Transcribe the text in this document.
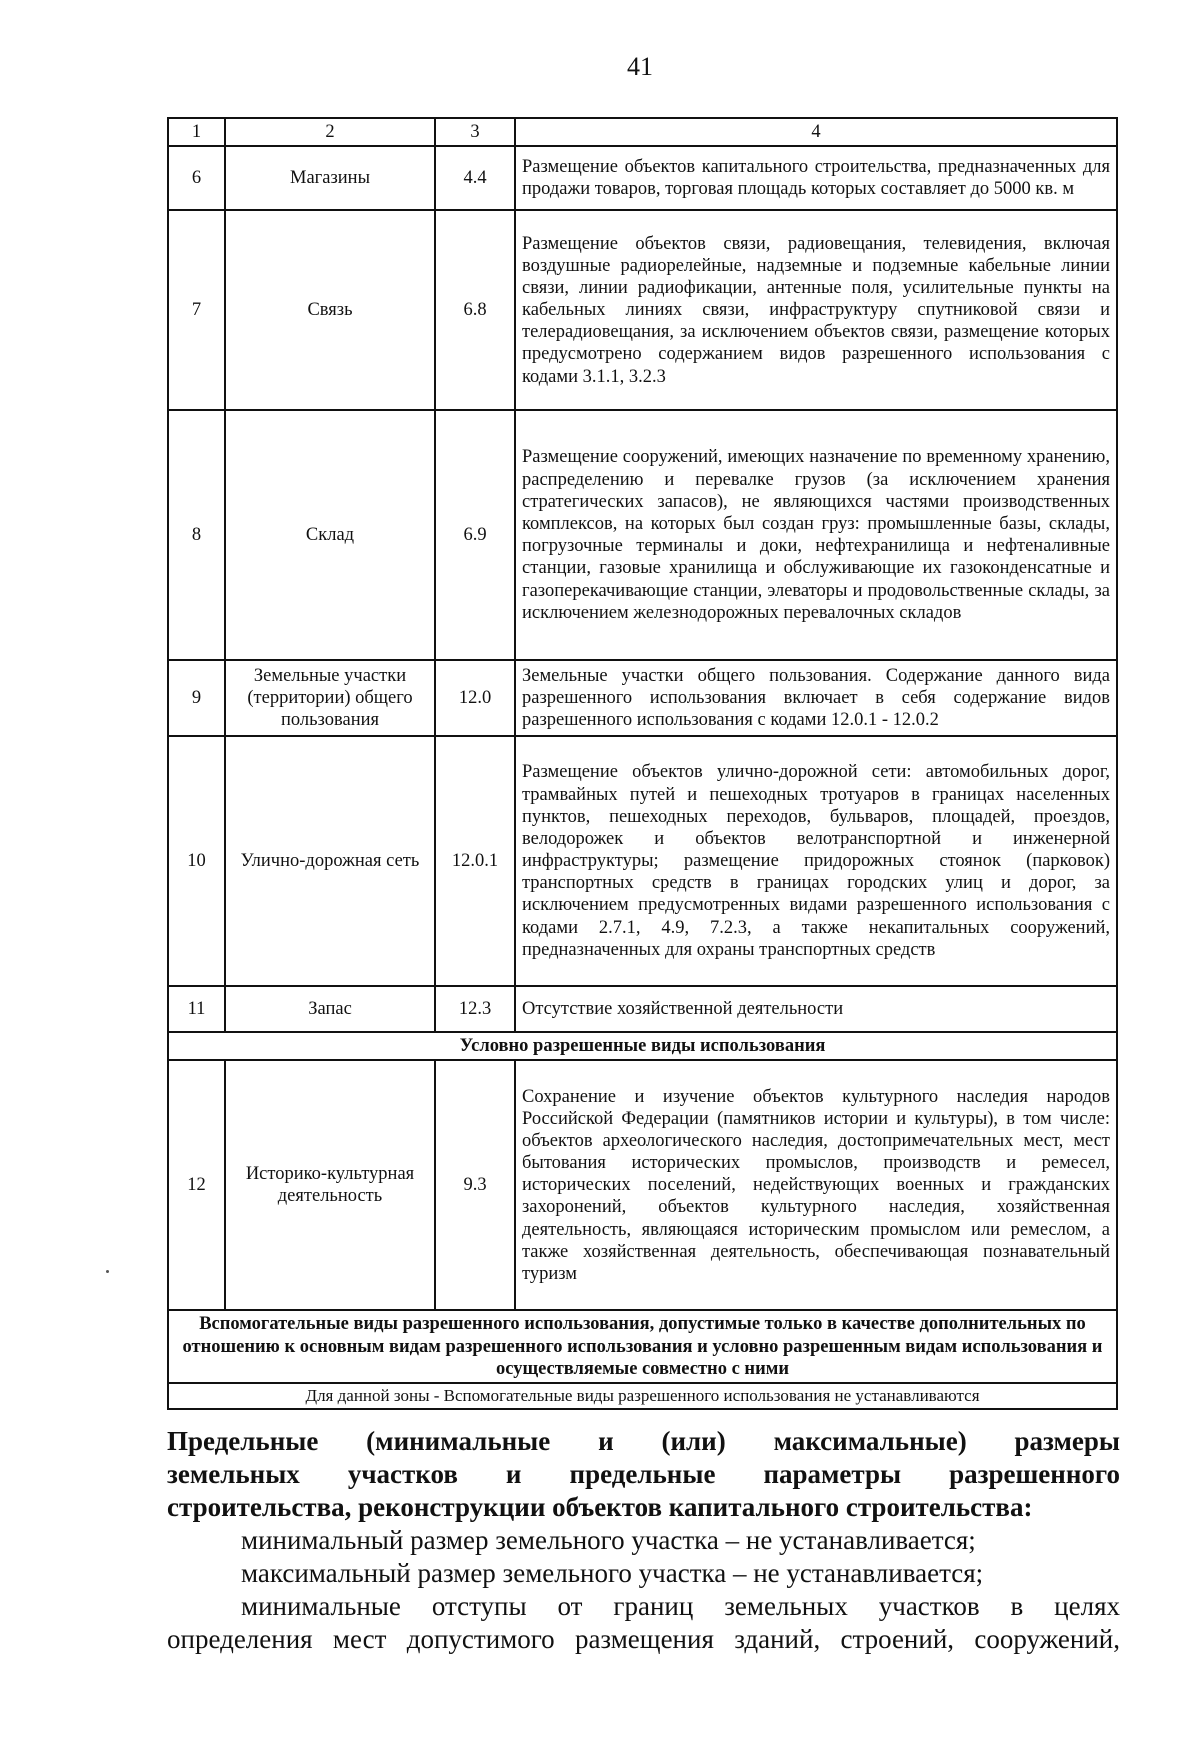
41
1	2	3	4
6	Магазины	4.4	Размещение объектов капитального строительства, предназначенных для продажи товаров, торговая площадь которых составляет до 5000 кв. м
7	Связь	6.8	Размещение объектов связи, радиовещания, телевидения, включая воздушные радиорелейные, надземные и подземные кабельные линии связи, линии радиофикации, антенные поля, усилительные пункты на кабельных линиях связи, инфраструктуру спутниковой связи и телерадиовещания, за исключением объектов связи, размещение которых предусмотрено содержанием видов разрешенного использования с кодами 3.1.1, 3.2.3
8	Склад	6.9	Размещение сооружений, имеющих назначение по временному хранению, распределению и перевалке грузов (за исключением хранения стратегических запасов), не являющихся частями производственных комплексов, на которых был создан груз: промышленные базы, склады, погрузочные терминалы и доки, нефтехранилища и нефтеналивные станции, газовые хранилища и обслуживающие их газоконденсатные и газоперекачивающие станции, элеваторы и продовольственные склады, за исключением железнодорожных перевалочных складов
9	Земельные участки (территории) общего пользования	12.0	Земельные участки общего пользования. Содержание данного вида разрешенного использования включает в себя содержание видов разрешенного использования с кодами 12.0.1 - 12.0.2
10	Улично-дорожная сеть	12.0.1	Размещение объектов улично-дорожной сети: автомобильных дорог, трамвайных путей и пешеходных тротуаров в границах населенных пунктов, пешеходных переходов, бульваров, площадей, проездов, велодорожек и объектов велотранспортной и инженерной инфраструктуры; размещение придорожных стоянок (парковок) транспортных средств в границах городских улиц и дорог, за исключением предусмотренных видами разрешенного использования с кодами 2.7.1, 4.9, 7.2.3, а также некапитальных сооружений, предназначенных для охраны транспортных средств
11	Запас	12.3	Отсутствие хозяйственной деятельности
Условно разрешенные виды использования			
12	Историко-культурная деятельность	9.3	Сохранение и изучение объектов культурного наследия народов Российской Федерации (памятников истории и культуры), в том числе: объектов археологического наследия, достопримечательных мест, мест бытования исторических промыслов, производств и ремесел, исторических поселений, недействующих военных и гражданских захоронений, объектов культурного наследия, хозяйственная деятельность, являющаяся историческим промыслом или ремеслом, а также хозяйственная деятельность, обеспечивающая познавательный туризм
Вспомогательные виды разрешенного использования, допустимые только в качестве дополнительных по отношению к основным видам разрешенного использования и условно разрешенным видам использования и осуществляемые совместно с ними			
Для данной зоны - Вспомогательные виды разрешенного использования не устанавливаются			
Предельные (минимальные и (или) максимальные) размеры
земельных участков и предельные параметры разрешенного
строительства, реконструкции объектов капитального строительства:
минимальный размер земельного участка – не устанавливается;
максимальный размер земельного участка – не устанавливается;
минимальные отступы от границ земельных участков в целях
определения мест допустимого размещения зданий, строений, сооружений,
